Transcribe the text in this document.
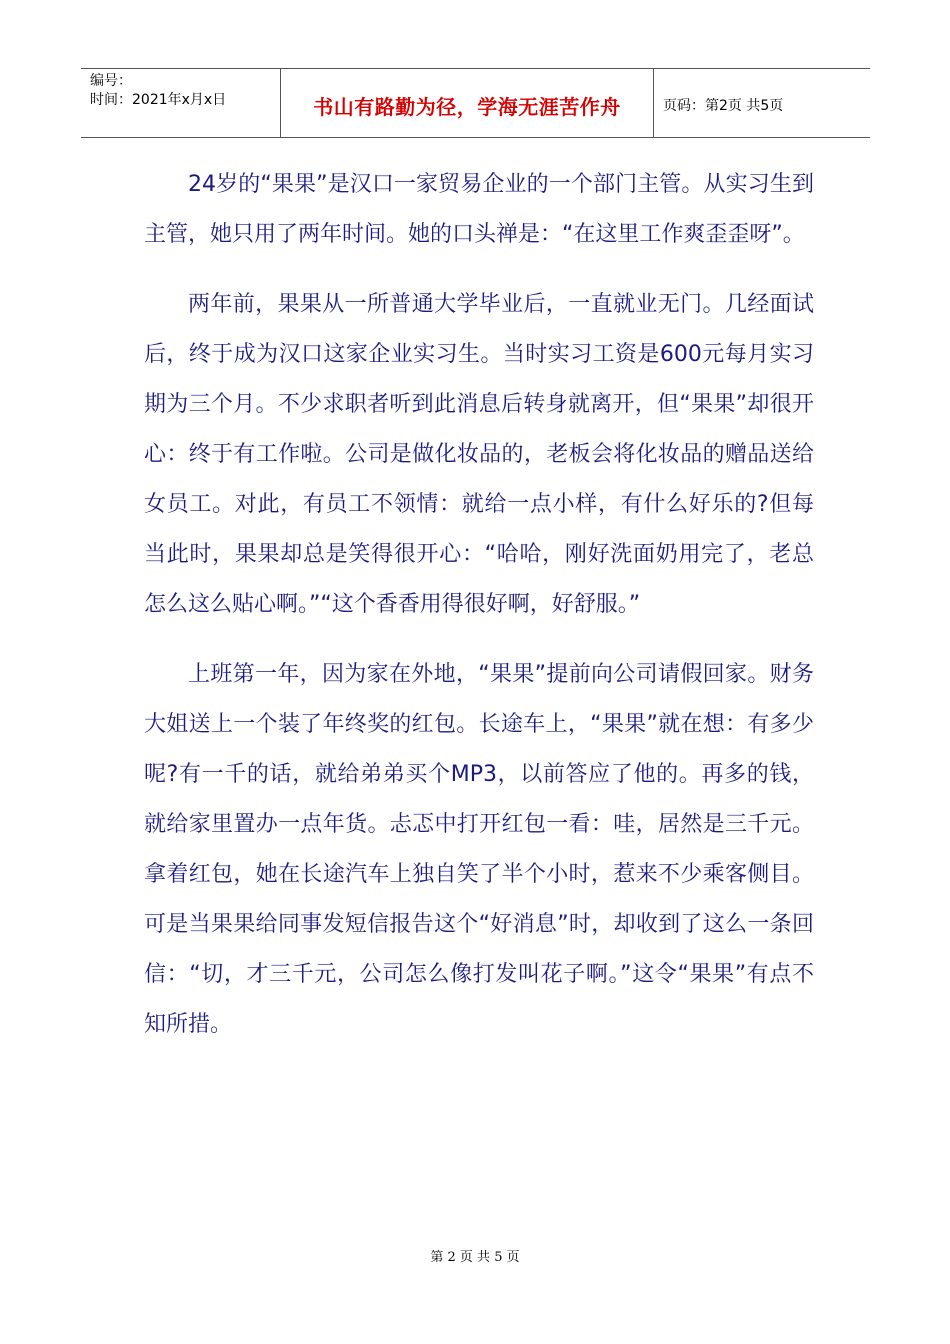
编号：
时间：2021年x月x日	书山有路勤为径，学海无涯苦作舟	页码：第2页 共5页

24岁的“果果”是汉口一家贸易企业的一个部门主管。从实习生到主管，她只用了两年时间。她的口头禅是：“在这里工作爽歪歪呀”。

两年前，果果从一所普通大学毕业后，一直就业无门。几经面试后，终于成为汉口这家企业实习生。当时实习工资是600元每月实习期为三个月。不少求职者听到此消息后转身就离开，但“果果”却很开心：终于有工作啦。公司是做化妆品的，老板会将化妆品的赠品送给女员工。对此，有员工不领情：就给一点小样，有什么好乐的?但每当此时，果果却总是笑得很开心：“哈哈，刚好洗面奶用完了，老总怎么这么贴心啊。”“这个香香用得很好啊，好舒服。”

上班第一年，因为家在外地，“果果”提前向公司请假回家。财务大姐送上一个装了年终奖的红包。长途车上，“果果”就在想：有多少呢?有一千的话，就给弟弟买个MP3，以前答应了他的。再多的钱，就给家里置办一点年货。忐忑中打开红包一看：哇，居然是三千元。拿着红包，她在长途汽车上独自笑了半个小时，惹来不少乘客侧目。可是当果果给同事发短信报告这个“好消息”时，却收到了这么一条回信：“切，才三千元，公司怎么像打发叫花子啊。”这令“果果”有点不知所措。

第 2 页 共 5 页
